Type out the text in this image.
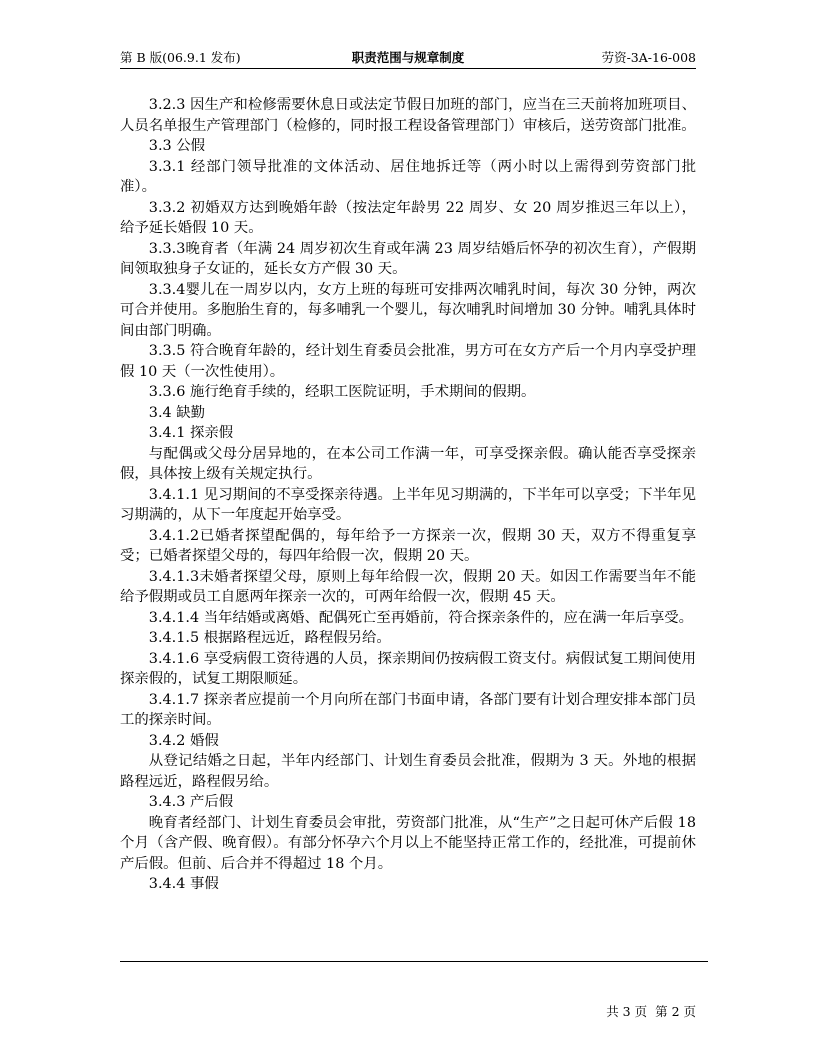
第 B 版(06.9.1 发布)	职责范围与规章制度	劳资-3A-16-008

3.2.3 因生产和检修需要休息日或法定节假日加班的部门，应当在三天前将加班项目、人员名单报生产管理部门（检修的，同时报工程设备管理部门）审核后，送劳资部门批准。

3.3 公假

3.3.1 经部门领导批准的文体活动、居住地拆迁等（两小时以上需得到劳资部门批准）。

3.3.2 初婚双方达到晚婚年龄（按法定年龄男 22 周岁、女 20 周岁推迟三年以上），给予延长婚假 10 天。

3.3.3晚育者（年满 24 周岁初次生育或年满 23 周岁结婚后怀孕的初次生育），产假期间领取独身子女证的，延长女方产假 30 天。

3.3.4婴儿在一周岁以内，女方上班的每班可安排两次哺乳时间，每次 30 分钟，两次可合并使用。多胞胎生育的，每多哺乳一个婴儿，每次哺乳时间增加 30 分钟。哺乳具体时间由部门明确。

3.3.5 符合晚育年龄的，经计划生育委员会批准，男方可在女方产后一个月内享受护理假 10 天（一次性使用）。

3.3.6 施行绝育手续的，经职工医院证明，手术期间的假期。

3.4 缺勤

3.4.1 探亲假

与配偶或父母分居异地的，在本公司工作满一年，可享受探亲假。确认能否享受探亲假，具体按上级有关规定执行。

3.4.1.1 见习期间的不享受探亲待遇。上半年见习期满的，下半年可以享受；下半年见习期满的，从下一年度起开始享受。

3.4.1.2已婚者探望配偶的，每年给予一方探亲一次，假期 30 天，双方不得重复享受；已婚者探望父母的，每四年给假一次，假期 20 天。

3.4.1.3未婚者探望父母，原则上每年给假一次，假期 20 天。如因工作需要当年不能给予假期或员工自愿两年探亲一次的，可两年给假一次，假期 45 天。

3.4.1.4 当年结婚或离婚、配偶死亡至再婚前，符合探亲条件的，应在满一年后享受。

3.4.1.5 根据路程远近，路程假另给。

3.4.1.6 享受病假工资待遇的人员，探亲期间仍按病假工资支付。病假试复工期间使用探亲假的，试复工期限顺延。

3.4.1.7 探亲者应提前一个月向所在部门书面申请，各部门要有计划合理安排本部门员工的探亲时间。

3.4.2 婚假

从登记结婚之日起，半年内经部门、计划生育委员会批准，假期为 3 天。外地的根据路程远近，路程假另给。

3.4.3 产后假

晚育者经部门、计划生育委员会审批，劳资部门批准，从“生产”之日起可休产后假 18 个月（含产假、晚育假）。有部分怀孕六个月以上不能坚持正常工作的，经批准，可提前休产后假。但前、后合并不得超过 18 个月。

3.4.4 事假

共 3 页 第 2 页
